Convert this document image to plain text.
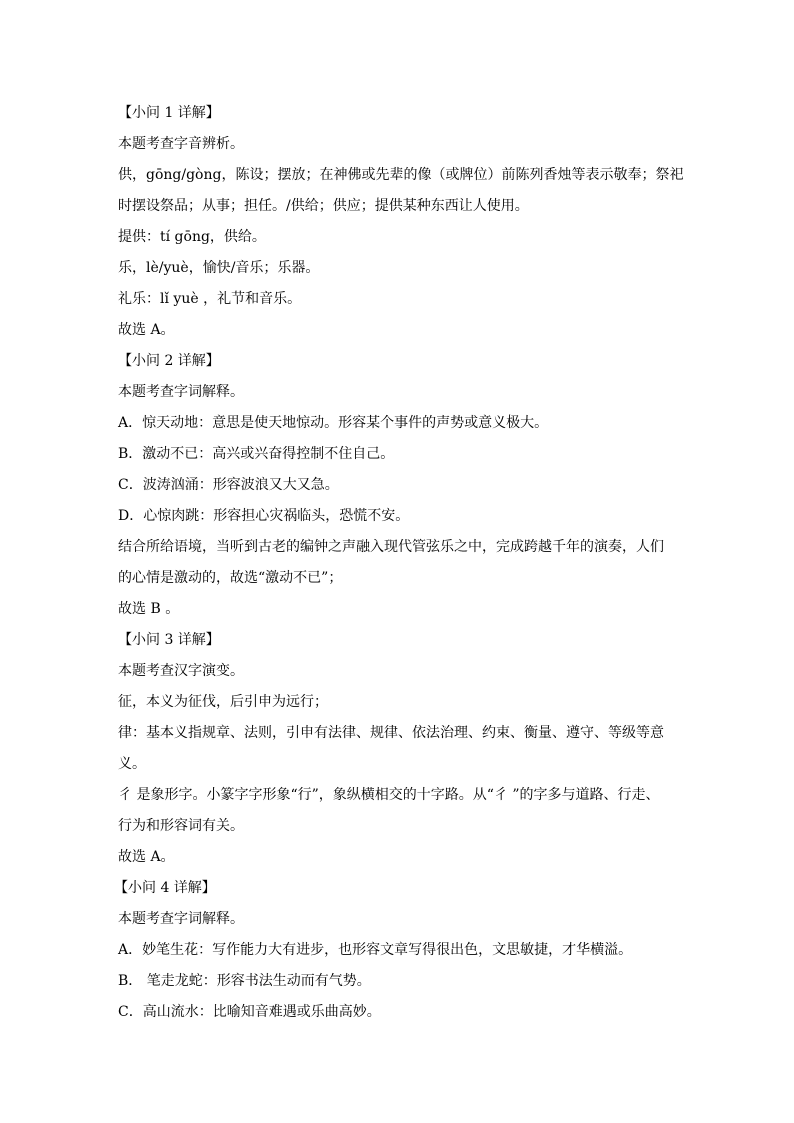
【小问 1 详解】
本题考查字音辨析。
供，gōng/gòng，陈设；摆放；在神佛或先辈的像（或牌位）前陈列香烛等表示敬奉；祭祀
时摆设祭品；从事；担任。/供给；供应；提供某种东西让人使用。
提供：tí gōng，供给。
乐，lè/yuè，愉快/音乐；乐器。
礼乐：lǐ yuè ，礼节和音乐。
故选 A。
【小问 2 详解】
本题考查字词解释。
A．惊天动地：意思是使天地惊动。形容某个事件的声势或意义极大。
B．激动不已：高兴或兴奋得控制不住自己。
C．波涛汹涌：形容波浪又大又急。
D．心惊肉跳：形容担心灾祸临头，恐慌不安。
结合所给语境，当听到古老的编钟之声融入现代管弦乐之中，完成跨越千年的演奏，人们
的心情是激动的，故选“激动不已”；
故选 B 。
【小问 3 详解】
本题考查汉字演变。
征，本义为征伐，后引申为远行；
律：基本义指规章、法则，引申有法律、规律、依法治理、约束、衡量、遵守、等级等意
义。
彳 是象形字。小篆字字形象“行”，象纵横相交的十字路。从“彳 ”的字多与道路、行走、
行为和形容词有关。
故选 A。
【小问 4 详解】
本题考查字词解释。
A．妙笔生花：写作能力大有进步，也形容文章写得很出色，文思敏捷，才华横溢。
B． 笔走龙蛇：形容书法生动而有气势。
C．高山流水：比喻知音难遇或乐曲高妙。
